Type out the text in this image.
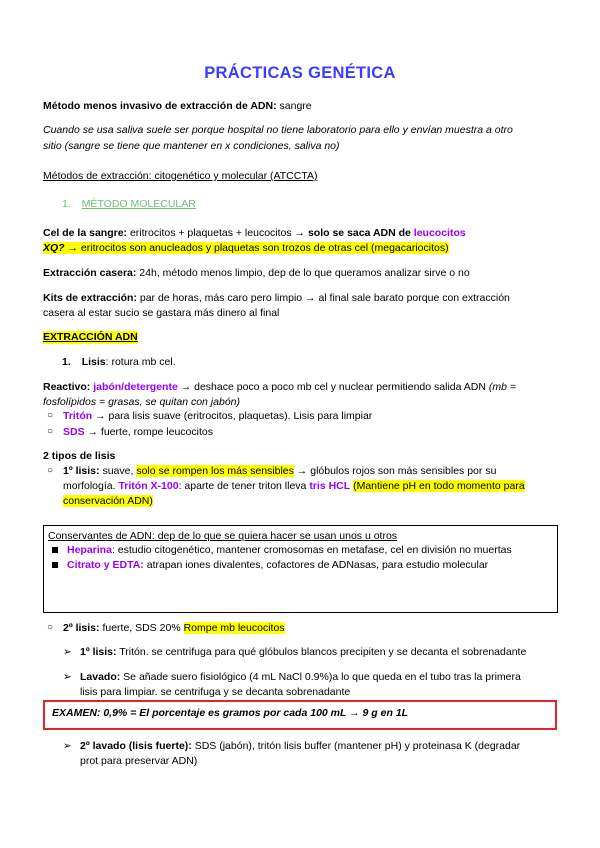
PRÁCTICAS GENÉTICA
Método menos invasivo de extracción de ADN: sangre
Cuando se usa saliva suele ser porque hospital no tiene laboratorio para ello y envían muestra a otro
sitio (sangre se tiene que mantener en x condiciones, saliva no)
Métodos de extracción: citogenético y molecular (ATCCTA)
1. MÉTODO MOLECULAR
Cel de la sangre: eritrocitos + plaquetas + leucocitos → solo se saca ADN de leucocitos
XQ? → eritrocitos son anucleados y plaquetas son trozos de otras cel (megacariocitos)
Extracción casera: 24h, método menos limpio, dep de lo que queramos analizar sirve o no
Kits de extracción: par de horas, más caro pero limpio → al final sale barato porque con extracción
casera al estar sucio se gastara más dinero al final
EXTRACCIÓN ADN
1. Lisis: rotura mb cel.
Reactivo: jabón/detergente → deshace poco a poco mb cel y nuclear permitiendo salida ADN (mb =
fosfolípidos = grasas, se quitan con jabón)
○ Tritón → para lisis suave (eritrocitos, plaquetas). Lisis para limpiar
○ SDS → fuerte, rompe leucocitos
2 tipos de lisis
○ 1º lisis: suave, solo se rompen los más sensibles → glóbulos rojos son más sensibles por su
morfología. Tritón X-100: aparte de tener triton lleva tris HCL (Mantiene pH en todo momento para
conservación ADN)
Conservantes de ADN: dep de lo que se quiera hacer se usan unos u otros
Heparina: estudio citogenético, mantener cromosomas en metafase, cel en división no muertas
Citrato y EDTA: atrapan iones divalentes, cofactores de ADNasas, para estudio molecular
○ 2º lisis: fuerte, SDS 20% Rompe mb leucocitos
➢ 1º lisis: Tritón. se centrifuga para qué glóbulos blancos precipiten y se decanta el sobrenadante
➢ Lavado: Se añade suero fisiológico (4 mL NaCl 0.9%)a lo que queda en el tubo tras la primera
lisis para limpiar. se centrifuga y se decanta sobrenadante
EXAMEN: 0,9% = El porcentaje es gramos por cada 100 mL → 9 g en 1L
➢ 2º lavado (lisis fuerte): SDS (jabón), tritón lisis buffer (mantener pH) y proteinasa K (degradar
prot para preservar ADN)
